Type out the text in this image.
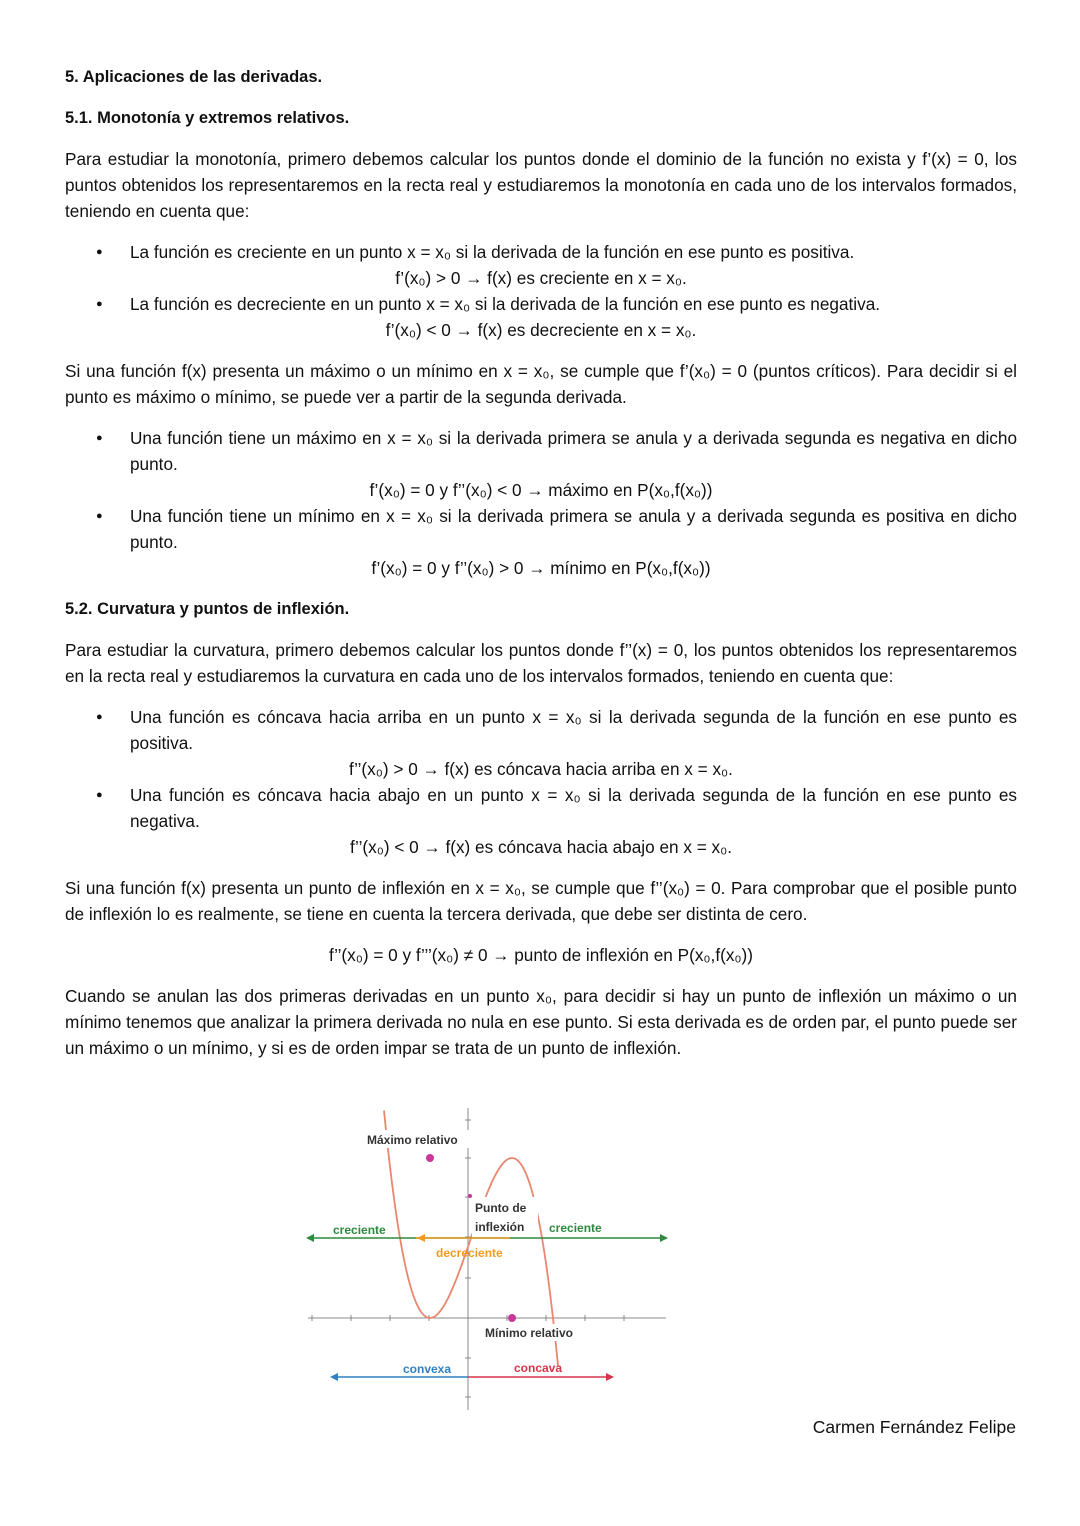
5. Aplicaciones de las derivadas.

5.1. Monotonía y extremos relativos.

Para estudiar la monotonía, primero debemos calcular los puntos donde el dominio de la función no exista y f’(x) = 0, los puntos obtenidos los representaremos en la recta real y estudiaremos la monotonía en cada uno de los intervalos formados, teniendo en cuenta que:

● La función es creciente en un punto x = x₀ si la derivada de la función en ese punto es positiva.

f’(x₀) > 0 → f(x) es creciente en x = x₀.

● La función es decreciente en un punto x = x₀ si la derivada de la función en ese punto es negativa.

f’(x₀) < 0 → f(x) es decreciente en x = x₀.

Si una función f(x) presenta un máximo o un mínimo en x = x₀, se cumple que f’(x₀) = 0 (puntos críticos). Para decidir si el punto es máximo o mínimo, se puede ver a partir de la segunda derivada.

● Una función tiene un máximo en x = x₀ si la derivada primera se anula y a derivada segunda es negativa en dicho punto.

f’(x₀) = 0 y f’’(x₀) < 0 → máximo en P(x₀,f(x₀))

● Una función tiene un mínimo en x = x₀ si la derivada primera se anula y a derivada segunda es positiva en dicho punto.

f’(x₀) = 0 y f’’(x₀) > 0 → mínimo en P(x₀,f(x₀))

5.2. Curvatura y puntos de inflexión.

Para estudiar la curvatura, primero debemos calcular los puntos donde f’’(x) = 0, los puntos obtenidos los representaremos en la recta real y estudiaremos la curvatura en cada uno de los intervalos formados, teniendo en cuenta que:

● Una función es cóncava hacia arriba en un punto x = x₀ si la derivada segunda de la función en ese punto es positiva.

f’’(x₀) > 0 → f(x) es cóncava hacia arriba en x = x₀.

● Una función es cóncava hacia abajo en un punto x = x₀ si la derivada segunda de la función en ese punto es negativa.

f’’(x₀) < 0 → f(x) es cóncava hacia abajo en x = x₀.

Si una función f(x) presenta un punto de inflexión en x = x₀, se cumple que f’’(x₀) = 0. Para comprobar que el posible punto de inflexión lo es realmente, se tiene en cuenta la tercera derivada, que debe ser distinta de cero.

f’’(x₀) = 0 y f’’’(x₀) ≠ 0 → punto de inflexión en P(x₀,f(x₀))

Cuando se anulan las dos primeras derivadas en un punto x₀, para decidir si hay un punto de inflexión un máximo o un mínimo tenemos que analizar la primera derivada no nula en ese punto. Si esta derivada es de orden par, el punto puede ser un máximo o un mínimo, y si es de orden impar se trata de un punto de inflexión.

Máximo relativo
Punto de
inflexión
creciente	creciente
decreciente
Mínimo relativo
convexa	concava
Carmen Fernández Felipe
